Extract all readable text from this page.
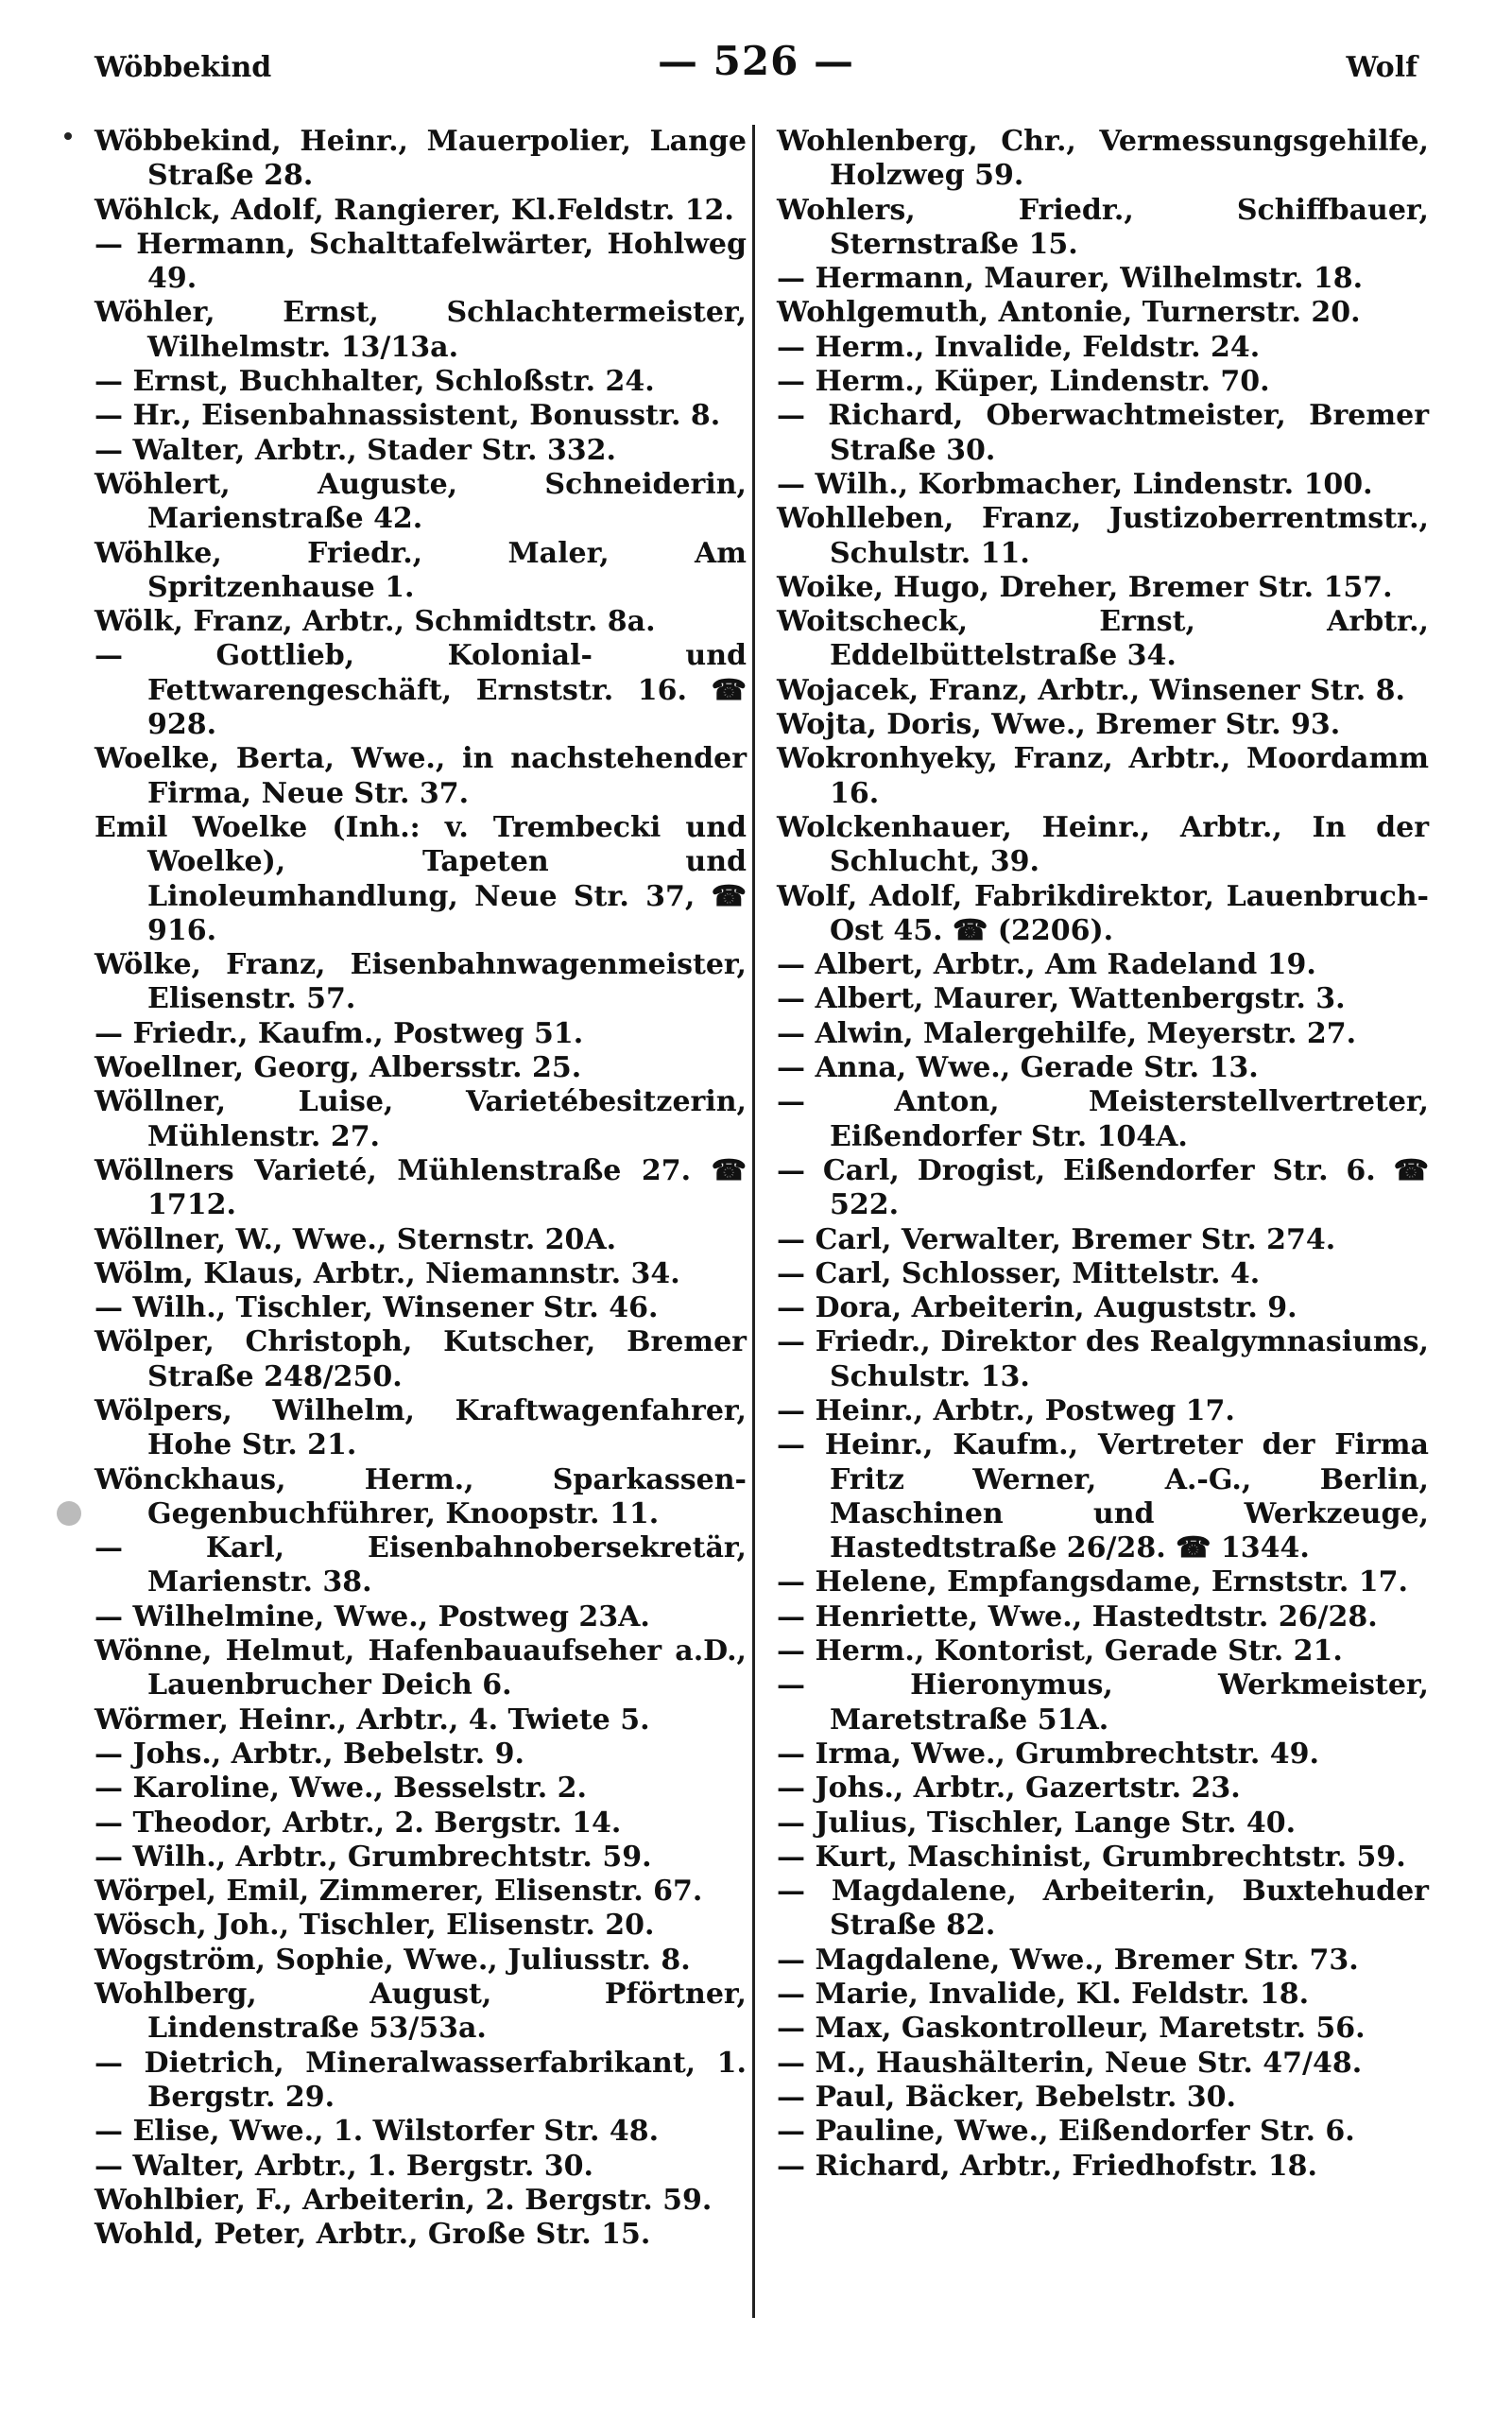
Wöbbekind	— 526 —	Wolf

Wöbbekind, Heinr., Mauerpolier, Lange Straße 28.

Wöhlck, Adolf, Rangierer, Kl.Feldstr. 12.

— Hermann, Schalttafelwärter, Hohlweg 49.

Wöhler, Ernst, Schlachtermeister, Wilhelmstr. 13/13a.

— Ernst, Buchhalter, Schloßstr. 24.

— Hr., Eisenbahnassistent, Bonusstr. 8.

— Walter, Arbtr., Stader Str. 332.

Wöhlert, Auguste, Schneiderin, Marienstraße 42.

Wöhlke, Friedr., Maler, Am Spritzenhause 1.

Wölk, Franz, Arbtr., Schmidtstr. 8a.

— Gottlieb, Kolonial- und Fettwarengeschäft, Ernststr. 16. ☎ 928.

Woelke, Berta, Wwe., in nachstehender Firma, Neue Str. 37.

Emil Woelke (Inh.: v. Trembecki und Woelke), Tapeten und Linoleumhandlung, Neue Str. 37, ☎ 916.

Wölke, Franz, Eisenbahnwagenmeister, Elisenstr. 57.

— Friedr., Kaufm., Postweg 51.

Woellner, Georg, Albersstr. 25.

Wöllner, Luise, Varietébesitzerin, Mühlenstr. 27.

Wöllners Varieté, Mühlenstraße 27. ☎ 1712.

Wöllner, W., Wwe., Sternstr. 20A.

Wölm, Klaus, Arbtr., Niemannstr. 34.

— Wilh., Tischler, Winsener Str. 46.

Wölper, Christoph, Kutscher, Bremer Straße 248/250.

Wölpers, Wilhelm, Kraftwagenfahrer, Hohe Str. 21.

Wönckhaus, Herm., Sparkassen-Gegenbuchführer, Knoopstr. 11.

— Karl, Eisenbahnobersekretär, Marienstr. 38.

— Wilhelmine, Wwe., Postweg 23A.

Wönne, Helmut, Hafenbauaufseher a.D., Lauenbrucher Deich 6.

Wörmer, Heinr., Arbtr., 4. Twiete 5.

— Johs., Arbtr., Bebelstr. 9.

— Karoline, Wwe., Besselstr. 2.

— Theodor, Arbtr., 2. Bergstr. 14.

— Wilh., Arbtr., Grumbrechtstr. 59.

Wörpel, Emil, Zimmerer, Elisenstr. 67.

Wösch, Joh., Tischler, Elisenstr. 20.

Wogström, Sophie, Wwe., Juliusstr. 8.

Wohlberg, August, Pförtner, Lindenstraße 53/53a.

— Dietrich, Mineralwasserfabrikant, 1. Bergstr. 29.

— Elise, Wwe., 1. Wilstorfer Str. 48.

— Walter, Arbtr., 1. Bergstr. 30.

Wohlbier, F., Arbeiterin, 2. Bergstr. 59.

Wohld, Peter, Arbtr., Große Str. 15.

Wohlenberg, Chr., Vermessungsgehilfe, Holzweg 59.

Wohlers, Friedr., Schiffbauer, Sternstraße 15.

— Hermann, Maurer, Wilhelmstr. 18.

Wohlgemuth, Antonie, Turnerstr. 20.

— Herm., Invalide, Feldstr. 24.

— Herm., Küper, Lindenstr. 70.

— Richard, Oberwachtmeister, Bremer Straße 30.

— Wilh., Korbmacher, Lindenstr. 100.

Wohlleben, Franz, Justizoberrentmstr., Schulstr. 11.

Woike, Hugo, Dreher, Bremer Str. 157.

Woitscheck, Ernst, Arbtr., Eddelbüttelstraße 34.

Wojacek, Franz, Arbtr., Winsener Str. 8.

Wojta, Doris, Wwe., Bremer Str. 93.

Wokronhyeky, Franz, Arbtr., Moordamm 16.

Wolckenhauer, Heinr., Arbtr., In der Schlucht, 39.

Wolf, Adolf, Fabrikdirektor, Lauenbruch-Ost 45. ☎ (2206).

— Albert, Arbtr., Am Radeland 19.

— Albert, Maurer, Wattenbergstr. 3.

— Alwin, Malergehilfe, Meyerstr. 27.

— Anna, Wwe., Gerade Str. 13.

— Anton, Meisterstellvertreter, Eißendorfer Str. 104A.

— Carl, Drogist, Eißendorfer Str. 6. ☎ 522.

— Carl, Verwalter, Bremer Str. 274.

— Carl, Schlosser, Mittelstr. 4.

— Dora, Arbeiterin, Auguststr. 9.

— Friedr., Direktor des Realgymnasiums, Schulstr. 13.

— Heinr., Arbtr., Postweg 17.

— Heinr., Kaufm., Vertreter der Firma Fritz Werner, A.-G., Berlin, Maschinen und Werkzeuge, Hastedtstraße 26/28. ☎ 1344.

— Helene, Empfangsdame, Ernststr. 17.

— Henriette, Wwe., Hastedtstr. 26/28.

— Herm., Kontorist, Gerade Str. 21.

— Hieronymus, Werkmeister, Maretstraße 51A.

— Irma, Wwe., Grumbrechtstr. 49.

— Johs., Arbtr., Gazertstr. 23.

— Julius, Tischler, Lange Str. 40.

— Kurt, Maschinist, Grumbrechtstr. 59.

— Magdalene, Arbeiterin, Buxtehuder Straße 82.

— Magdalene, Wwe., Bremer Str. 73.

— Marie, Invalide, Kl. Feldstr. 18.

— Max, Gaskontrolleur, Maretstr. 56.

— M., Haushälterin, Neue Str. 47/48.

— Paul, Bäcker, Bebelstr. 30.

— Pauline, Wwe., Eißendorfer Str. 6.

— Richard, Arbtr., Friedhofstr. 18.
